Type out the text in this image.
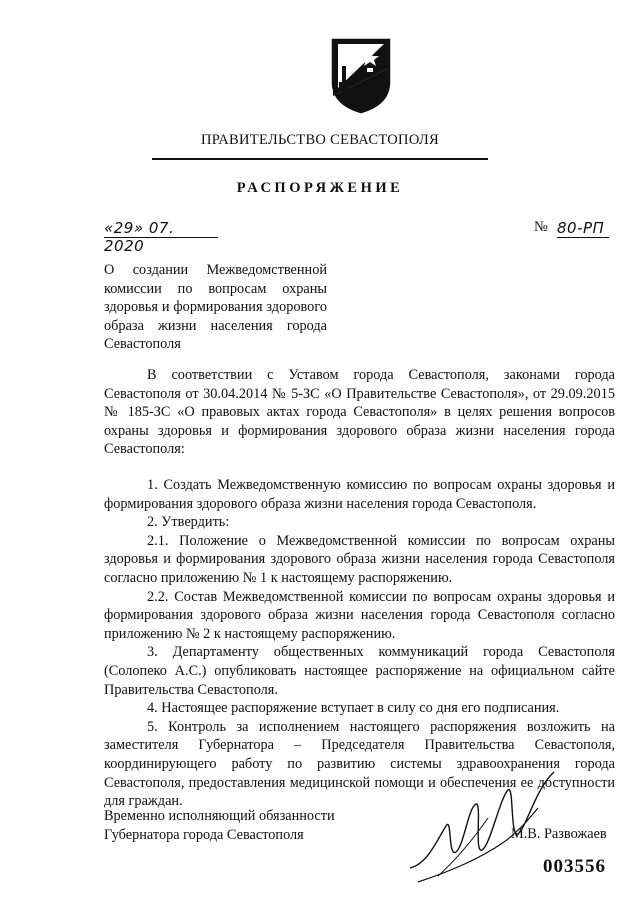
ПРАВИТЕЛЬСТВО СЕВАСТОПОЛЯ
РАСПОРЯЖЕНИЕ
«29» 07. 2020
№ 80-РП
О создании Межведомственной комиссии по вопросам охраны здоровья и формирования здорового образа жизни населения города Севастополя

В соответствии с Уставом города Севастополя, законами города Севастополя от 30.04.2014 № 5-ЗС «О Правительстве Севастополя», от 29.09.2015 № 185-ЗС «О правовых актах города Севастополя» в целях решения вопросов охраны здоровья и формирования здорового образа жизни населения города Севастополя:

1. Создать Межведомственную комиссию по вопросам охраны здоровья и формирования здорового образа жизни населения города Севастополя.

2. Утвердить:

2.1. Положение о Межведомственной комиссии по вопросам охраны здоровья и формирования здорового образа жизни населения города Севастополя согласно приложению № 1 к настоящему распоряжению.

2.2. Состав Межведомственной комиссии по вопросам охраны здоровья и формирования здорового образа жизни населения города Севастополя согласно приложению № 2 к настоящему распоряжению.

3. Департаменту общественных коммуникаций города Севастополя (Солопеко А.С.) опубликовать настоящее распоряжение на официальном сайте Правительства Севастополя.

4. Настоящее распоряжение вступает в силу со дня его подписания.

5. Контроль за исполнением настоящего распоряжения возложить на заместителя Губернатора – Председателя Правительства Севастополя, координирующего работу по развитию системы здравоохранения города Севастополя, предоставления медицинской помощи и обеспечения ее доступности для граждан.

Временно исполняющий обязанности
Губернатора города Севастополя	М.В. Развожаев
003556
